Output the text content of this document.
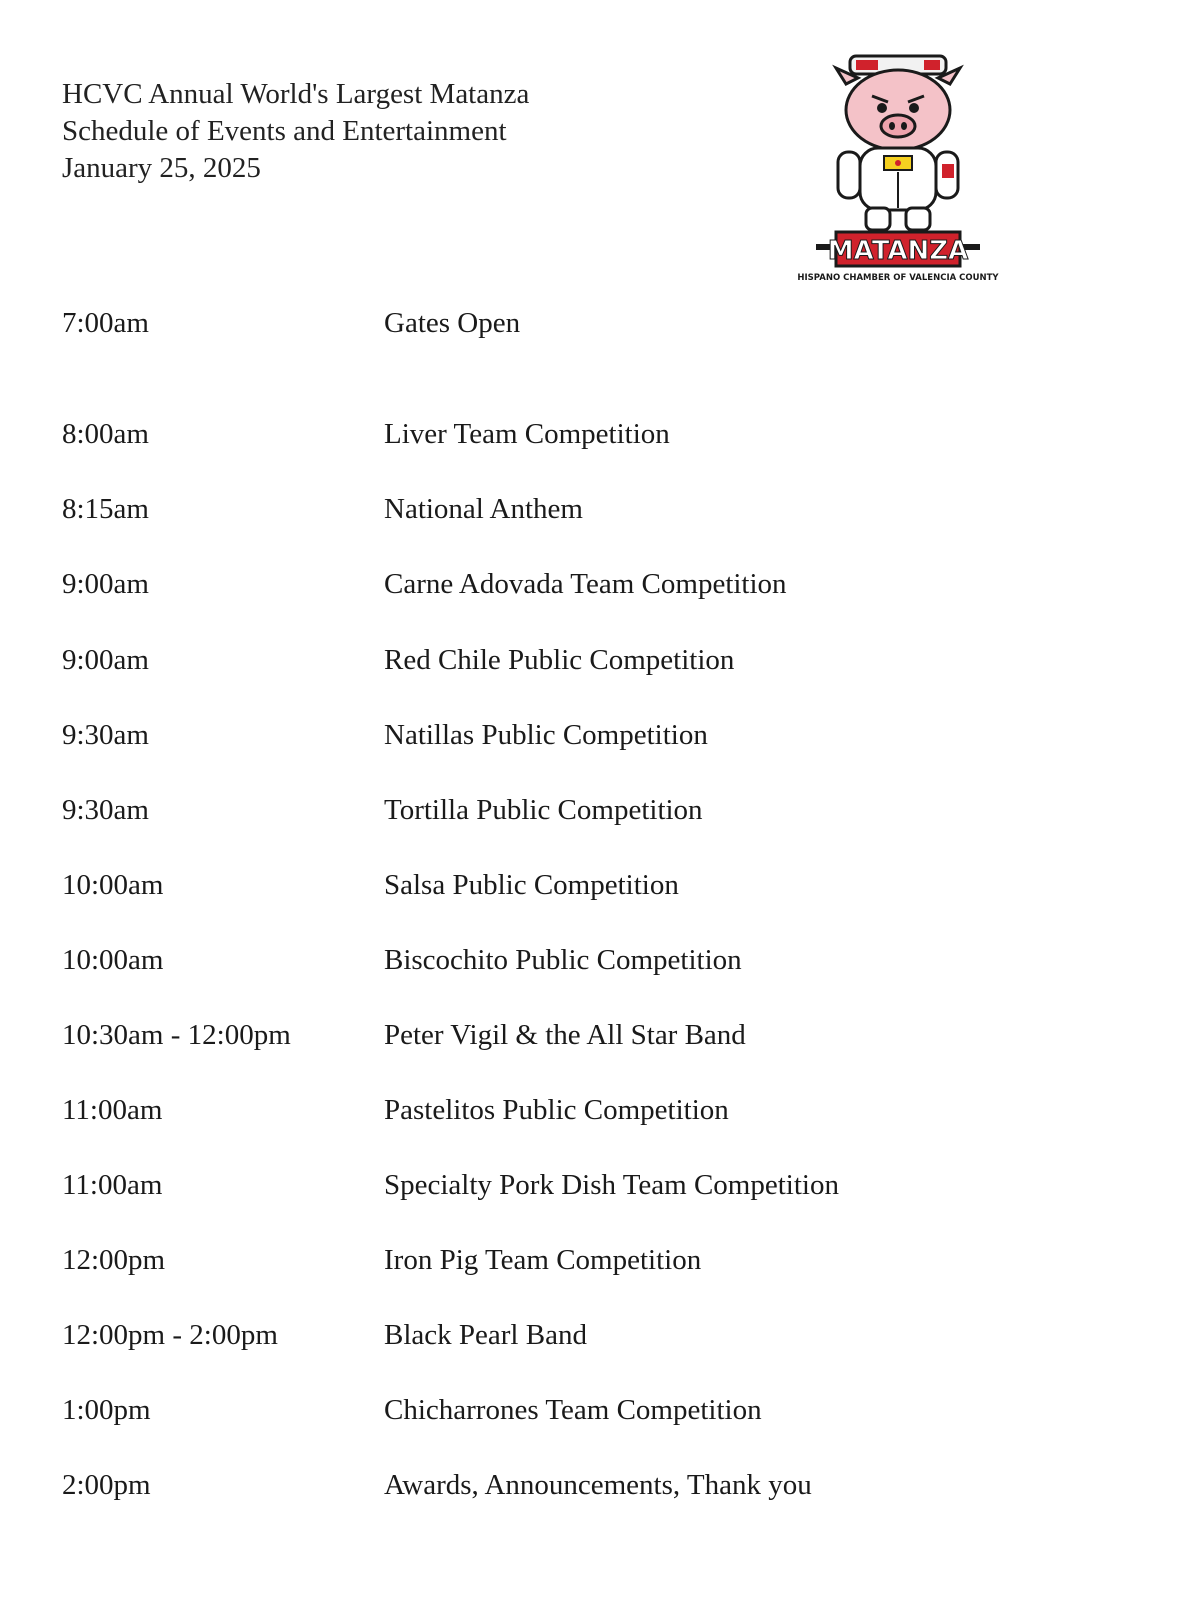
HCVC Annual World's Largest Matanza
Schedule of Events and Entertainment
January 25, 2025
MATANZA
HISPANO CHAMBER OF VALENCIA COUNTY
7:00am	Gates Open
8:00am	Liver Team Competition
8:15am	National Anthem
9:00am	Carne Adovada Team Competition
9:00am	Red Chile Public Competition
9:30am	Natillas Public Competition
9:30am	Tortilla Public Competition
10:00am	Salsa Public Competition
10:00am	Biscochito Public Competition
10:30am - 12:00pm	Peter Vigil & the All Star Band
11:00am	Pastelitos Public Competition
11:00am	Specialty Pork Dish Team Competition
12:00pm	Iron Pig Team Competition
12:00pm - 2:00pm	Black Pearl Band
1:00pm	Chicharrones Team Competition
2:00pm	Awards, Announcements, Thank you
